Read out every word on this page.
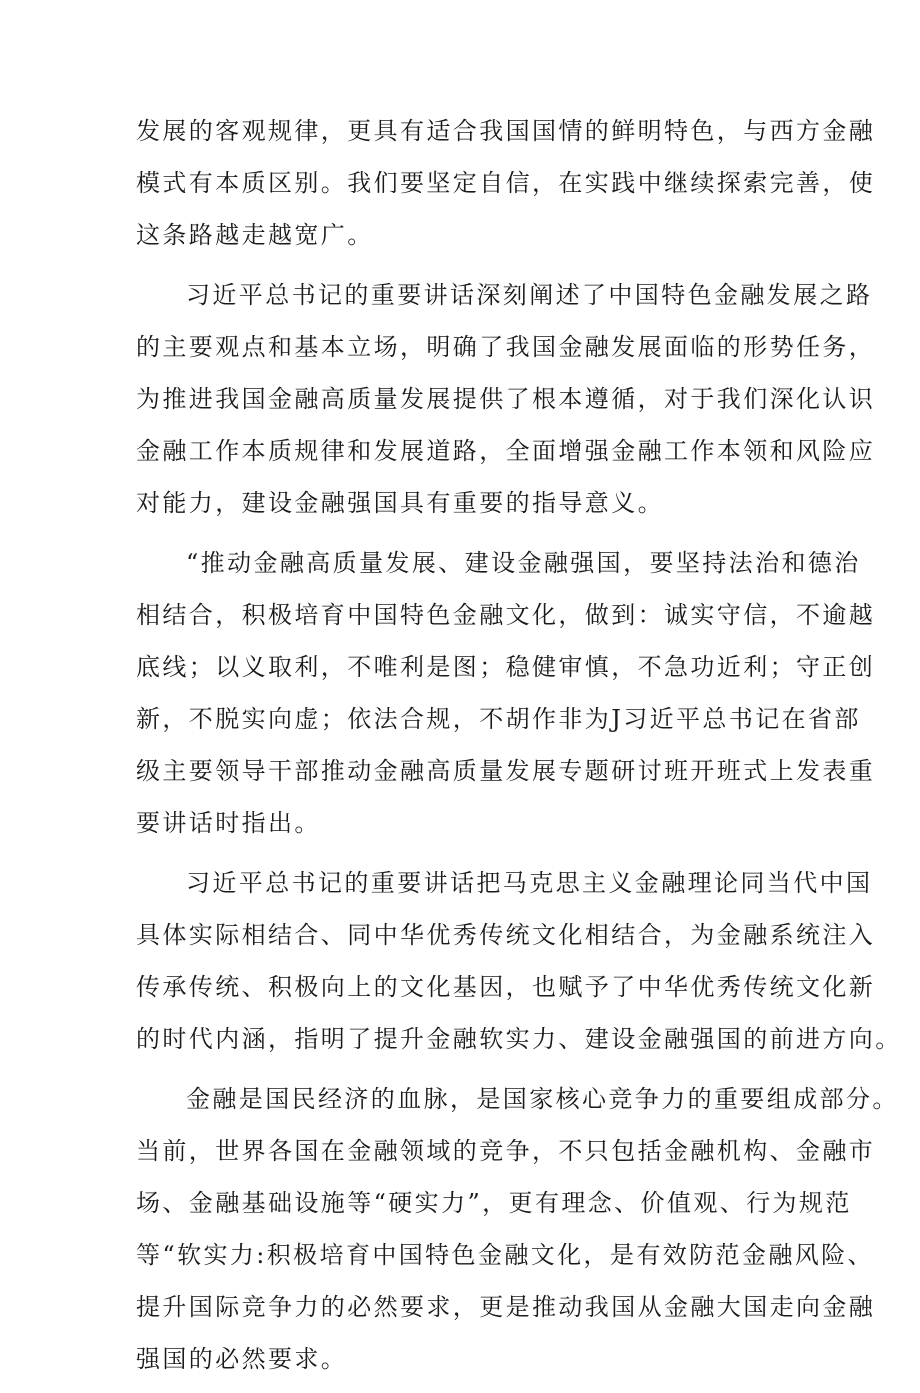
发展的客观规律，更具有适合我国国情的鲜明特色，与西方金融
模式有本质区别。我们要坚定自信，在实践中继续探索完善，使
这条路越走越宽广。
习近平总书记的重要讲话深刻阐述了中国特色金融发展之路
的主要观点和基本立场，明确了我国金融发展面临的形势任务，
为推进我国金融高质量发展提供了根本遵循，对于我们深化认识
金融工作本质规律和发展道路，全面增强金融工作本领和风险应
对能力，建设金融强国具有重要的指导意义。
“推动金融高质量发展、建设金融强国，要坚持法治和德治
相结合，积极培育中国特色金融文化，做到：诚实守信，不逾越
底线；以义取利，不唯利是图；稳健审慎，不急功近利；守正创
新，不脱实向虚；依法合规，不胡作非为J习近平总书记在省部
级主要领导干部推动金融高质量发展专题研讨班开班式上发表重
要讲话时指出。
习近平总书记的重要讲话把马克思主义金融理论同当代中国
具体实际相结合、同中华优秀传统文化相结合，为金融系统注入
传承传统、积极向上的文化基因，也赋予了中华优秀传统文化新
的时代内涵，指明了提升金融软实力、建设金融强国的前进方向。
金融是国民经济的血脉，是国家核心竞争力的重要组成部分。
当前，世界各国在金融领域的竞争，不只包括金融机构、金融市
场、金融基础设施等“硬实力”，更有理念、价值观、行为规范
等“软实力:积极培育中国特色金融文化，是有效防范金融风险、
提升国际竞争力的必然要求，更是推动我国从金融大国走向金融
强国的必然要求。
